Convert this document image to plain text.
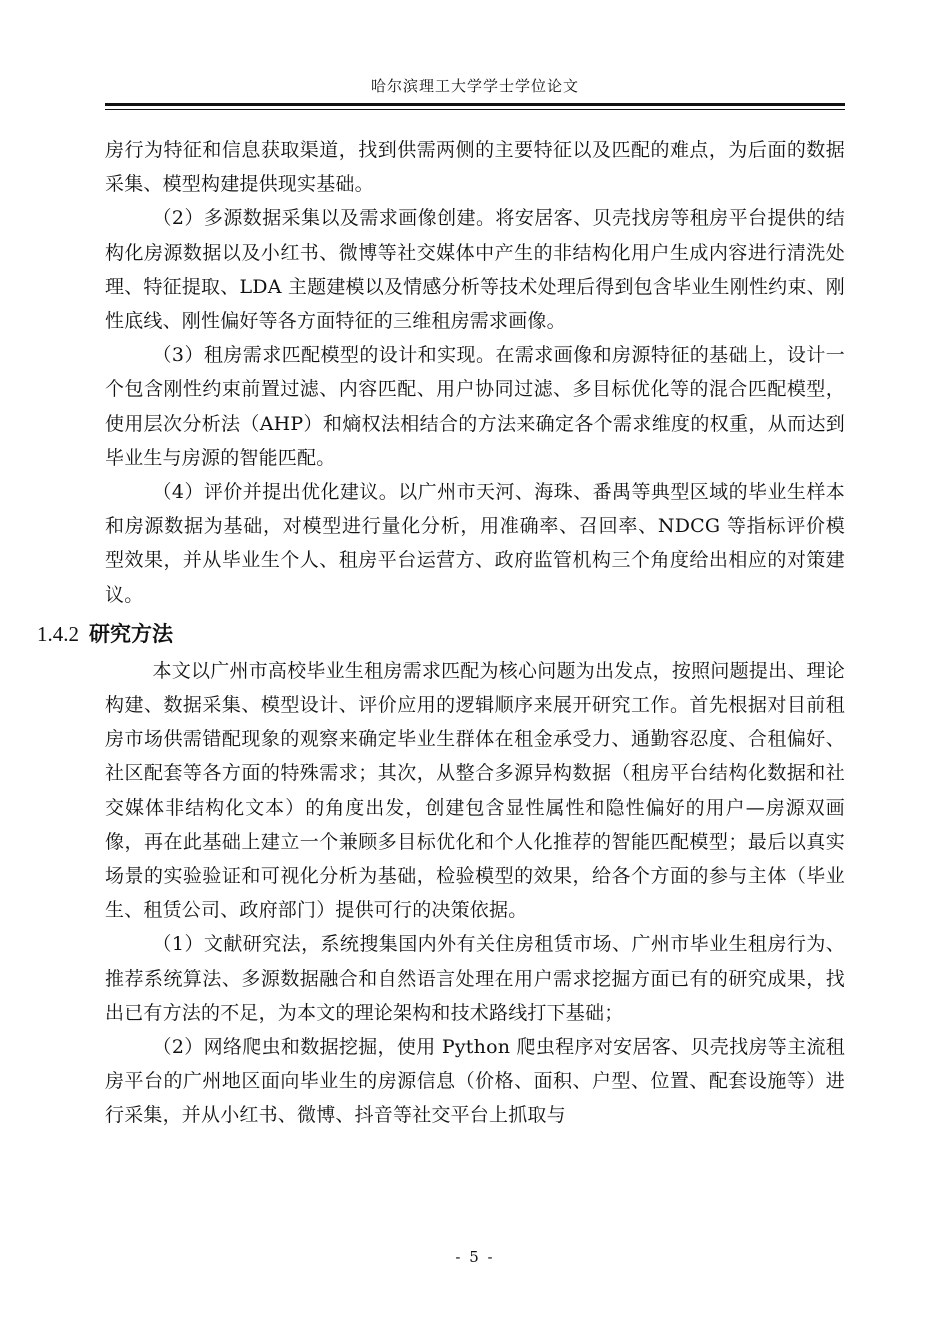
哈尔滨理工大学学士学位论文

房行为特征和信息获取渠道，找到供需两侧的主要特征以及匹配的难点，为后面的数据采集、模型构建提供现实基础。

（2）多源数据采集以及需求画像创建。将安居客、贝壳找房等租房平台提供的结构化房源数据以及小红书、微博等社交媒体中产生的非结构化用户生成内容进行清洗处理、特征提取、LDA 主题建模以及情感分析等技术处理后得到包含毕业生刚性约束、刚性底线、刚性偏好等各方面特征的三维租房需求画像。

（3）租房需求匹配模型的设计和实现。在需求画像和房源特征的基础上，设计一个包含刚性约束前置过滤、内容匹配、用户协同过滤、多目标优化等的混合匹配模型，使用层次分析法（AHP）和熵权法相结合的方法来确定各个需求维度的权重，从而达到毕业生与房源的智能匹配。

（4）评价并提出优化建议。以广州市天河、海珠、番禺等典型区域的毕业生样本和房源数据为基础，对模型进行量化分析，用准确率、召回率、NDCG 等指标评价模型效果，并从毕业生个人、租房平台运营方、政府监管机构三个角度给出相应的对策建议。

1.4.2 研究方法

本文以广州市高校毕业生租房需求匹配为核心问题为出发点，按照问题提出、理论构建、数据采集、模型设计、评价应用的逻辑顺序来展开研究工作。首先根据对目前租房市场供需错配现象的观察来确定毕业生群体在租金承受力、通勤容忍度、合租偏好、社区配套等各方面的特殊需求；其次，从整合多源异构数据（租房平台结构化数据和社交媒体非结构化文本）的角度出发，创建包含显性属性和隐性偏好的用户—房源双画像，再在此基础上建立一个兼顾多目标优化和个人化推荐的智能匹配模型；最后以真实场景的实验验证和可视化分析为基础，检验模型的效果，给各个方面的参与主体（毕业生、租赁公司、政府部门）提供可行的决策依据。

（1）文献研究法，系统搜集国内外有关住房租赁市场、广州市毕业生租房行为、推荐系统算法、多源数据融合和自然语言处理在用户需求挖掘方面已有的研究成果，找出已有方法的不足，为本文的理论架构和技术路线打下基础；

（2）网络爬虫和数据挖掘，使用 Python 爬虫程序对安居客、贝壳找房等主流租房平台的广州地区面向毕业生的房源信息（价格、面积、户型、位置、配套设施等）进行采集，并从小红书、微博、抖音等社交平台上抓取与

- 5 -
